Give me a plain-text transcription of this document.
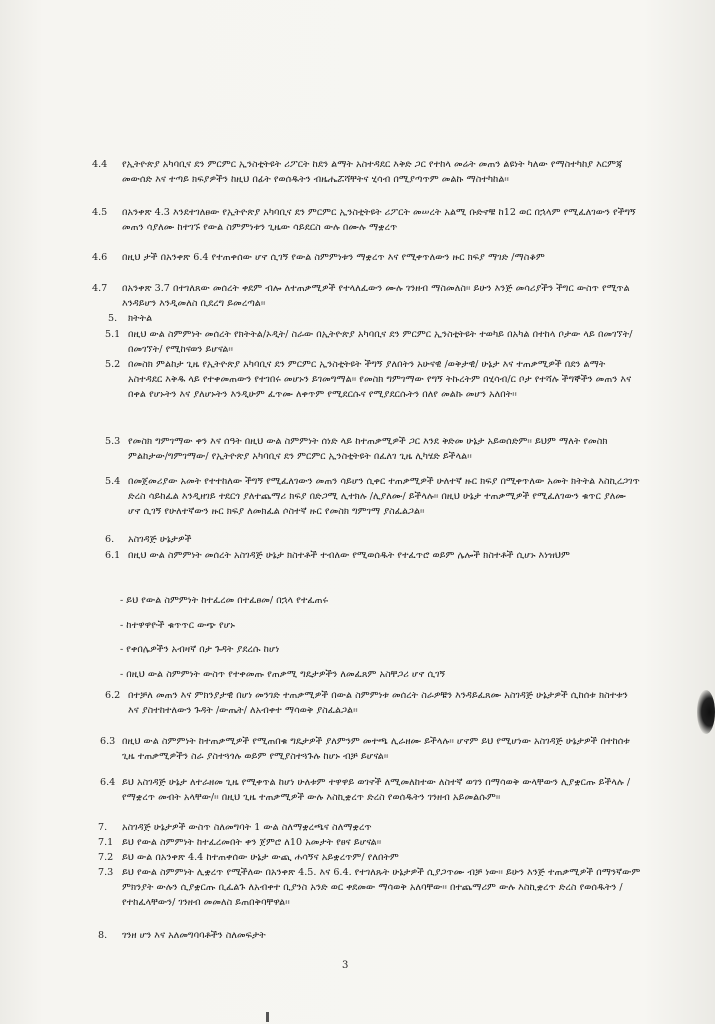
4.4 የኢትዮጵያ አካባቢና ደን ምርምር ኢንስቲትዩት ሪፖርት ከደን ልማት አስተዳደር እቅድ ጋር የተከላ መሬት መጠን ልዩነት ካለው የማስተካከያ እርምጃ መውሰድ እና ተጣይ ክፍያዎችን ከዚህ በፊት የወሰዱትን ብዜሔሯሻቸትና ሂሳብ በሚያጣጥም መልኩ ማስተካከል፡፡
4.5 በአንቀጽ 4.3 እንደተገለፀው የኢትዮጵያ አካባቢና ደን ምርምር ኢንስቲትዩት ሪፖርት መሠረት አልሚ ቡድኖቹ ከ12 ወር በኋላም የሚፈለገውን የችግኝ መጠን ሳያለሙ ከተገኙ የውል ስምምነቱን ጊዜው ሳይደርስ ውሉ በሙሉ ማቋረጥ
4.6 በዚህ ታች በአንቀጽ 6.4 የተጠቀሰው ሆኖ ሲገኝ የውል ስምምነቱን ማቋረጥ እና የሚቀጥለውን ዙር ክፍያ ማገድ /ማስቆም
4.7 በአንቀጽ 3.7 በተገለጸው መሰረት ቀደም ብሎ ለተጠቃሚዎች የተላለፈውን ሙሉ ገንዘብ ማስመለስ፡፡ ይሁን እንጅ መሳሪያችን ችግር ውስጥ የሚጥል እንዳይሆን እንዲመለስ ቢደረግ ይመረጣል፡፡
5. ክትትል
5.1 በዚህ ውል ስምምነት መሰረት የክትትል/ኦዲት/ ስራው በኢትዮጵያ አካባቢና ደን ምርምር ኢንስቲትዩት ተወካይ በአካል በተከላ ቦታው ላይ በመገኘት/በመገኘት/ የሚከናወን ይሆናል፡፡
5.2 በመስክ ምልከታ ጊዜ የኢትዮጵያ አካባቢና ደን ምርምር ኢንስቲትዩት ችግኝ ያለበትን አሁናዊ /ወቅታዊ/ ሁኔታ እና ተጠቃሚዎች በደን ልማት አስተዳደር እቅዱ ላይ የተቀመጠውን የተገበሩ መሆኑን ይገመግማል፡፡ የመስክ ግምገማው የግኝ ትኩረትም በሂሳብ/ር ቦታ የተሻሉ ችግኞችን መጠን እና በቀል የሆኑትን እና ያለሆኑትን እንዲሁም ፈጥሙ ለቀጥም የሚደርሱና የሚያደርሱትን በለየ መልኩ መሆን አለበት፡፡
5.3 የመስክ ግምገማው ቀን እና ሰዓት በዚህ ውል ስምምነት ሰነድ ላይ ከተጠቃሚዎች ጋር እንደ ቅድመ ሁኔታ አይወሰድም፡፡ ይህም ማለት የመስክ ምልከታው/ግምገማው/ የኢትዮጵያ አካባቢና ደን ምርምር ኢንስቲትዩት በፈለገ ጊዜ ሊካሄድ ይችላል፡፡
5.4 በመጀመሪያው አመት የተተከለው ችግኝ የሚፈለገውን መጠን ሳይሆን ሲቀር ተጠቃሚዎች ሁለተኛ ዙር ክፍያ በሚቀጥለው አመት ክትትል እስኪረጋገጥ ድረስ ሳይከፈል እንዲዘገይ ተደርጎ ያለተጨማሪ ክፍያ በድጋሚ ሊተክሉ /ሊያለሙ/ ይችላሉ፡፡ በዚህ ሁኔታ ተጠቃሚዎች የሚፈለገውን ቁጥር ያለሙ ሆኖ ሲገኝ የሁለተኛውን ዙር ክፍያ ለመክፈል ሶስተኛ ዙር የመስክ ግምገማ ያስፈልጋል፡፡
6. አስገዳጅ ሁኔታዎች
6.1 በዚህ ውል ስምምነት መሰረት አስገዳጅ ሁኔታ ክስተቶች ተብለው የሚወሰዱት የተፈጥሮ ወይም ሌሎች ክስተቶች ሲሆኑ እነዝህም
- ይህ የውል ስምምነት ከተፈረመ በተፈፀመ/ በኋላ የተፈጠሩ
- ከተዋዋዮች ቁጥጥር ውጭ የሆኑ
- የቀበሌዎችን አብዛኛ በታ ጉዳት ያደረሱ ከሆነ
- በዚህ ውል ስምምነት ውስጥ የተቀመጡ የጠቃሚ ግዴታዎችን ለመፈጸም አስቸጋሪ ሆኖ ሲገኝ
6.2 በተቻለ መጠን እና ምክንያታዊ በሆነ መንገድ ተጠቃሚዎች በውል ስምምነቱ መሰረት ስራዎቹን እንዳይፈጸሙ አስገዳጅ ሁኔታዎች ሲከሰቱ ክስተቱን እና ያስተከተለውን ጉዳት /ውጤት/ ለአብቀተ ማሳወቅ ያስፈልጋል፡፡
6.3 በዚህ ውል ስምምነት ከተጠቃሚዎች የሚጠበቁ ግዴታዎች ያለምንም መተጫ ሊራዘሙ ይችላሉ፡፡ ሆኖም ይህ የሚሆነው አስገዳጅ ሁኔታዎች በተከሰቱ ጊዜ ተጠቃሚዎችን ስራ ያስተጓጎሉ ወይም የሚያስተጓጉሉ ከሆኑ ብቻ ይሆናል፡፡
6.4 ይህ አስገዳጅ ሁኔታ ለተራዘመ ጊዜ የሚቀጥል ከሆነ ሁለቱም ተዋዋይ ወገኖች ለሚመለከተው ለስተኛ ወገን በማሳወቅ ውላቸውን ሊያቋርጡ ይችላሉ /የማቋረጥ መብት አላቸው/፡፡ በዚህ ጊዜ ተጠቃሚዎች ውሉ እስኪቋረጥ ድረስ የወሰዱትን ገንዘብ አይመልሱም፡፡
7. አስገዳጅ ሁኔታዎች ውስጥ ስለመግባት 1 ውል ስለማቋረጫና ስለማቋረጥ
7.1 ይህ የውል ስምምነት ከተፈረመበት ቀን ጀምሮ ለ10 አመታት የፀና ይሆናል፡፡
7.2 ይህ ውል በአንቀጽ 4.4 ከተጠቀሰው ሁኔታ ውጪ ሐሳኝና አይቋረጥም/ የለበትም
7.3 ይህ የውል ስምምነት ሊቋረጥ የሚችለው በአንቀጽ 4.5. እና 6.4. የተገለጹት ሁኔታዎች ሲያጋጥሙ ብቻ ነው፡፡ ይሁን እንጅ ተጠቃሚዎች በማንኛውም ምክንያት ውሉን ሲያቋርጡ ቢፈልጉ ለአብቀተ ቢያንስ አንድ ወር ቀደመው ማሳወቅ አለባቸው፡፡ በተጨማሪም ውሉ እስኪቋረጥ ድረስ የወሰዱትን /የተከፈላቸውን/ ገንዘብ መመለስ ይጠበቅባቸዋል፡፡
8. ገንዘ ሆን እና አለመግባባቶችን ስለመፍታት
3
